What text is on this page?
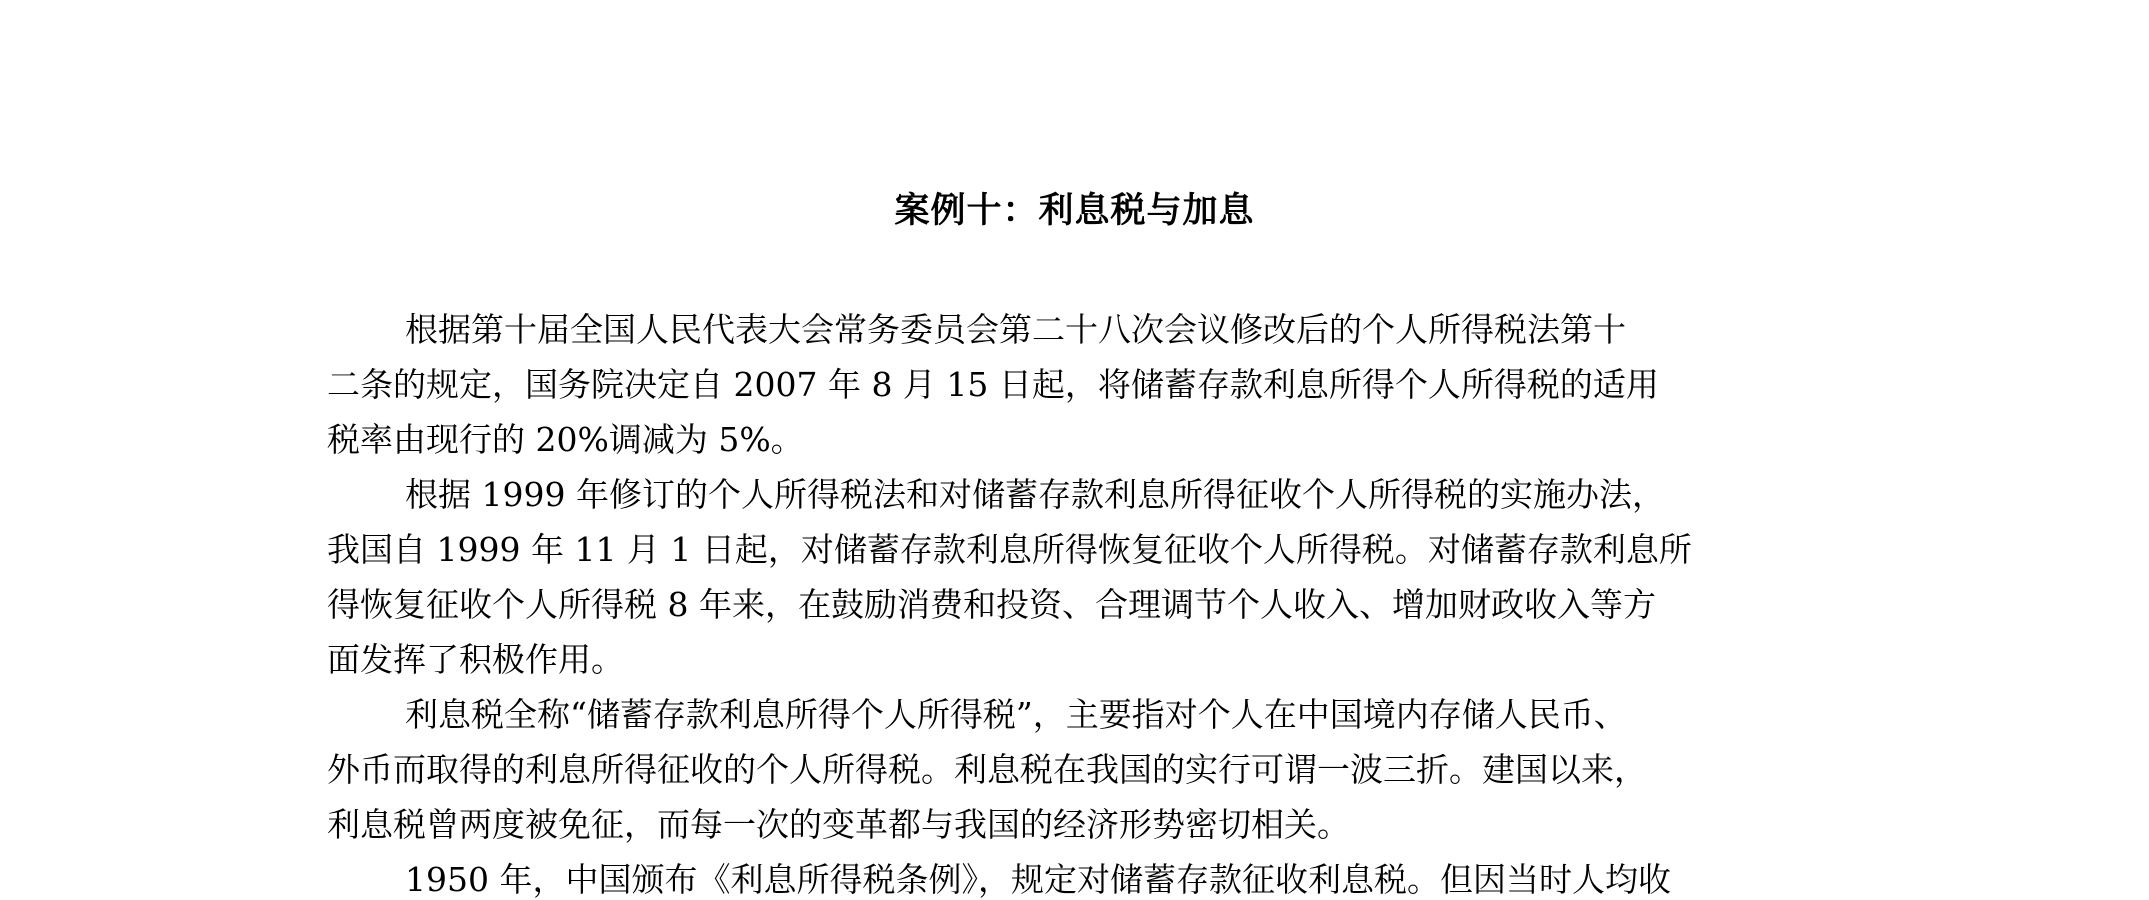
案例十：利息税与加息
根据第十届全国人民代表大会常务委员会第二十八次会议修改后的个人所得税法第十
二条的规定，国务院决定自 2007 年 8 月 15 日起，将储蓄存款利息所得个人所得税的适用
税率由现行的 20%调减为 5%。
根据 1999 年修订的个人所得税法和对储蓄存款利息所得征收个人所得税的实施办法，
我国自 1999 年 11 月 1 日起，对储蓄存款利息所得恢复征收个人所得税。对储蓄存款利息所
得恢复征收个人所得税 8 年来，在鼓励消费和投资、合理调节个人收入、增加财政收入等方
面发挥了积极作用。
利息税全称“储蓄存款利息所得个人所得税”，主要指对个人在中国境内存储人民币、
外币而取得的利息所得征收的个人所得税。利息税在我国的实行可谓一波三折。建国以来，
利息税曾两度被免征，而每一次的变革都与我国的经济形势密切相关。
1950 年，中国颁布《利息所得税条例》，规定对储蓄存款征收利息税。但因当时人均收
